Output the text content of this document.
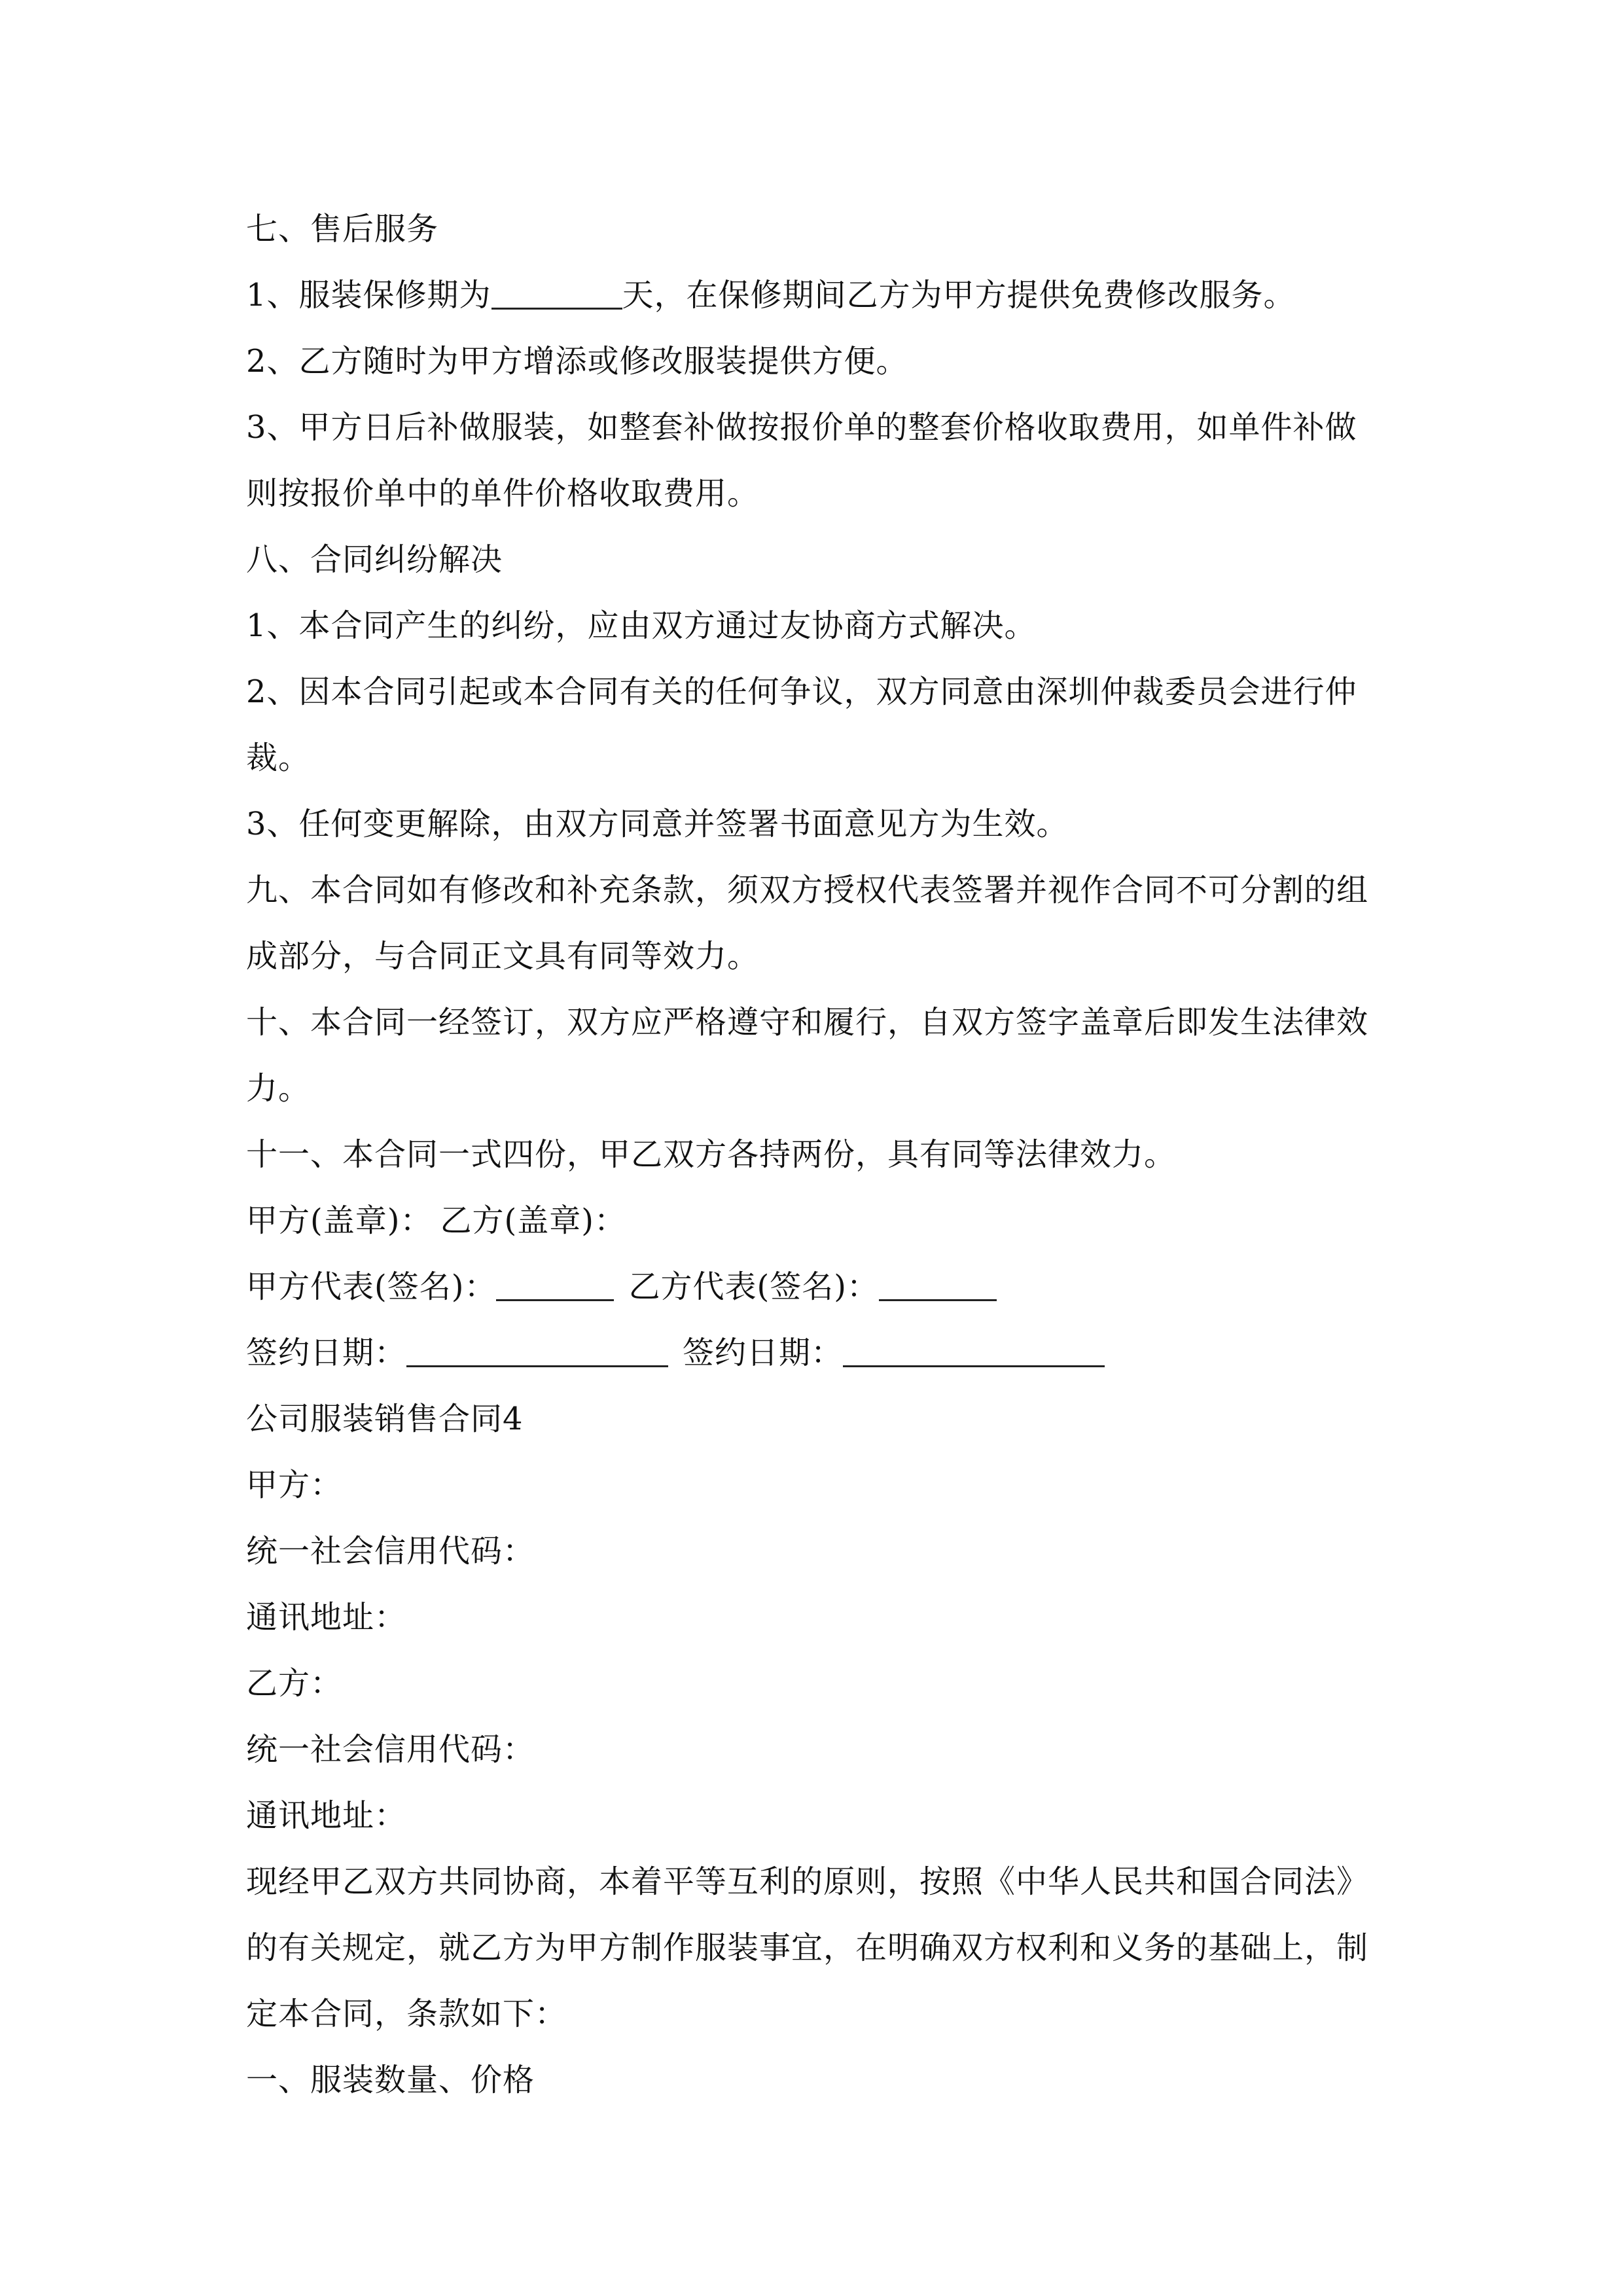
七、售后服务
1、服装保修期为	天，在保修期间乙方为甲方提供免费修改服务。
2、乙方随时为甲方增添或修改服装提供方便。
3、甲方日后补做服装，如整套补做按报价单的整套价格收取费用，如单件补做
则按报价单中的单件价格收取费用。
八、合同纠纷解决
1、本合同产生的纠纷，应由双方通过友协商方式解决。
2、因本合同引起或本合同有关的任何争议，双方同意由深圳仲裁委员会进行仲
裁。
3、任何变更解除，由双方同意并签署书面意见方为生效。
九、本合同如有修改和补充条款，须双方授权代表签署并视作合同不可分割的组
成部分，与合同正文具有同等效力。
十、本合同一经签订，双方应严格遵守和履行，自双方签字盖章后即发生法律效
力。
十一、本合同一式四份，甲乙双方各持两份，具有同等法律效力。
甲方(盖章)： 乙方(盖章)：
甲方代表(签名)：	乙方代表(签名)：
签约日期：	签约日期：
公司服装销售合同4
甲方：
统一社会信用代码：
通讯地址：
乙方：
统一社会信用代码：
通讯地址：
现经甲乙双方共同协商，本着平等互利的原则，按照《中华人民共和国合同法》
的有关规定，就乙方为甲方制作服装事宜，在明确双方权利和义务的基础上，制
定本合同，条款如下：
一、服装数量、价格
